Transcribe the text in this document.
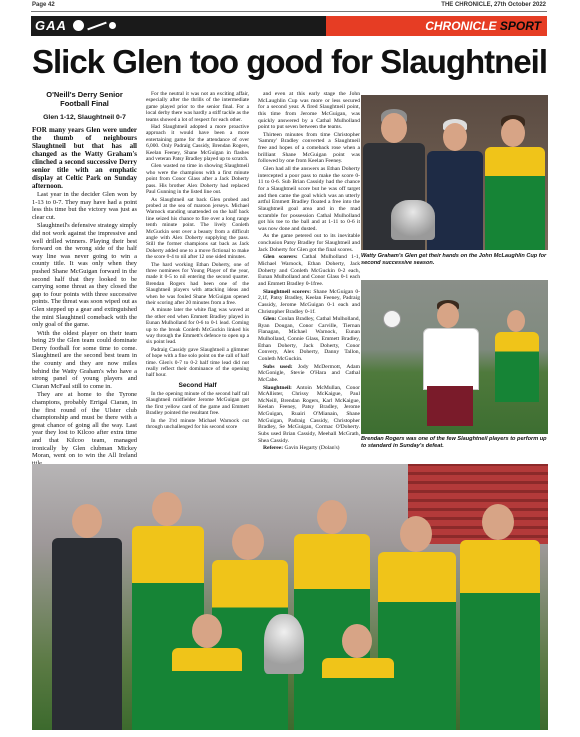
Page 42	THE CHRONICLE, 27th October 2022
GAA	CHRONICLE SPORT
Slick Glen too good for Slaughtneil
O'Neill's Derry Senior Football Final
Glen 1-12, Slaughtneil 0-7

FOR many years Glen were under the thumb of neighbours Slaughtneil but that has all changed as the Watty Graham's clinched a second successive Derry senior title with an emphatic display at Celtic Park on Sunday afternoon.

Last year in the decider Glen won by 1-13 to 0-7. They may have had a point less this time but the victory was just as clear cut.

Slaughtneil's defensive strategy simply did not work against the impressive and well drilled winners. Playing their best forward on the wrong side of the half way line was never going to win a county title. It was only when they pushed Shane McGuigan forward in the second half that they looked to be carrying some threat as they closed the gap to four points with three successive points. The threat was soon wiped out as Glen stepped up a gear and extinguished the mini Slaughtneil comeback with the only goal of the game.

With the oldest player on their team being 29 the Glen team could dominate Derry football for some time to come. Slaughtneil are the second best team in the county and they are now miles behind the Watty Graham's who have a strong panel of young players and Ciaran McFaul still to come in.

They are at home to the Tyrone champions, probably Errigal Ciaran, in the first round of the Ulster club championship and must be there with a great chance of going all the way. Last year they lost to Kilcoo after extra time and that Kilcoo team, managed ironically by Glen clubman Mickey Moran, went on to win the All Ireland

For the neutral it was not an exciting affair, especially after the thrills of the intermediate game played prior to the senior final. For a local derby there was hardly a stiff tackle as the teams showed a lot of respect for each other.

Had Slaughtneil adopted a more proactive approach it would have been a more entertaining game for the attendance of over 6,000. Only Padraig Cassidy, Brendan Rogers, Keelan Feeney, Shane McGuigan in flashes and veteran Patsy Bradley played up to scratch.

Glen wasted no time in showing Slaughtneil who were the champions with a first minute point from Conor Glass after a Jack Doherty pass. His brother Alex Doherty had replaced Paul Gunning in the listed line out.

As Slaughtneil sat back Glen probed and probed at the sea of maroon jerseys. Michael Warnock standing unattended on the half back line seized his chance to fire over a long range tenth minute point. The lively Conleth McGuckin sent over a beauty from a difficult angle with Alex Doherty supplying the pass. Still the former champions sat back as Jack Doherty added one to a move fictional to make the score 0-4 to nil after 12 one sided minutes.

The hard working Ethan Doherty, one of three nominees for Young Player of the year, made it 0-5 to nil entering the second quarter. Brendan Rogers had been one of the Slaughtneil players with attacking ideas and when he was fouled Shane McGuigan opened their scoring after 20 minutes from a free.

A minute later the white flag was waved at the other end when Emmett Bradley played in Eunan Mulholland for 0-6 to 0-1 lead. Coming up to the break Conleth McGuckin linked his way through the Emmett's defence to open up a six point lead.

Padraig Cassidy gave Slaughtneil a glimmer of hope with a fine solo point on the call of half time. Glen's 0-7 to 0-2 half time lead did not really reflect their dominance of the opening half hour.

Second Half

In the opening minute of the second half tall Slaughtneil midfielder Jerome McGuigan got the first yellow card of the game and Emmett Bradley pointed the resultant free.

In the 3'rd minute Michael Warnock cut through unchallenged for his second score

and even at this early stage the John McLaughlin Cup was more or less secured for a second year. A fired Slaughtneil point, this time from Jerome McGuigan, was quickly answered by a Cathal Mulholland point to put seven between the teams.

Thirteen minutes from time Christopher 'Sammy' Bradley converted a Slaughtneil free and hopes of a comeback rose when a brilliant Shane McGuigan point was followed by one from Keelan Feeney.

Glen had all the answers as Ethan Doherty intercepted a poor pass to make the score 0-11 to 0-6. Sub Brian Cassidy had the chance for a Slaughtneil score but he was off target and then came the goal which was an utterly artful Emmett Bradley floated a free into the Slaughtneil goal area and in the mad scramble for possession Cathal Mulholland got his toe to the ball and at 1-11 to 0-6 it was now done and dusted.

As the game petered out to its inevitable conclusion Patsy Bradley for Slaughtneil and Jack Doherty for Glen got the final scores.

Glen scorers: Cathal Mulholland 1-1, Michael Warnock, Ethan Doherty, Jack Doherty and Conleth McGuckin 0-2 each, Eunan Mulholland and Conor Glass 0-1 each and Emmett Bradley 0-1free.

Slaughtneil scorers: Shane McGuigan 0-2,1f, Patsy Bradley, Keelan Feeney, Padraig Cassidy, Jerome McGuigan 0-1 each and Christopher Bradley 0-1f.

Glen: Conlan Bradley, Cathal Mulholland, Ryan Dougan, Conor Carville, Tiernan Flanagan, Michael Warnock, Eunan Mulholland, Connie Glass, Emmett Bradley, Ethan Doherty, Jack Doherty, Conor Convery, Alex Doherty, Danny Tallon, Conleth McGuckin.

Subs used: Jody McDermott, Adam McGonigle, Stevie O'Hara and Cathal McCabe.

Slaughtneil: Antoin McMullan, Conor McAllister, Chrissy McKaigue, Paul McNeill, Brendan Rogers, Karl McKaigue, Keelan Feeney, Patsy Bradley, Jerome McGuigan, Ruairi O'Mianain, Shane McGuigan, Padraig Cassidy, Christopher Bradley, Se McGuigan, Cormac O'Doherty. Subs used Brian Cassidy, Meehall McGrath, Shea Cassidy.

Referee: Gavin Hegarty (Dolan's)

Watty Graham's Glen get their hands on the John McLaughlin Cup for second successive season.
Brendan Rogers was one of the few Slaughtneil players to perform up to standard in Sunday's defeat.
